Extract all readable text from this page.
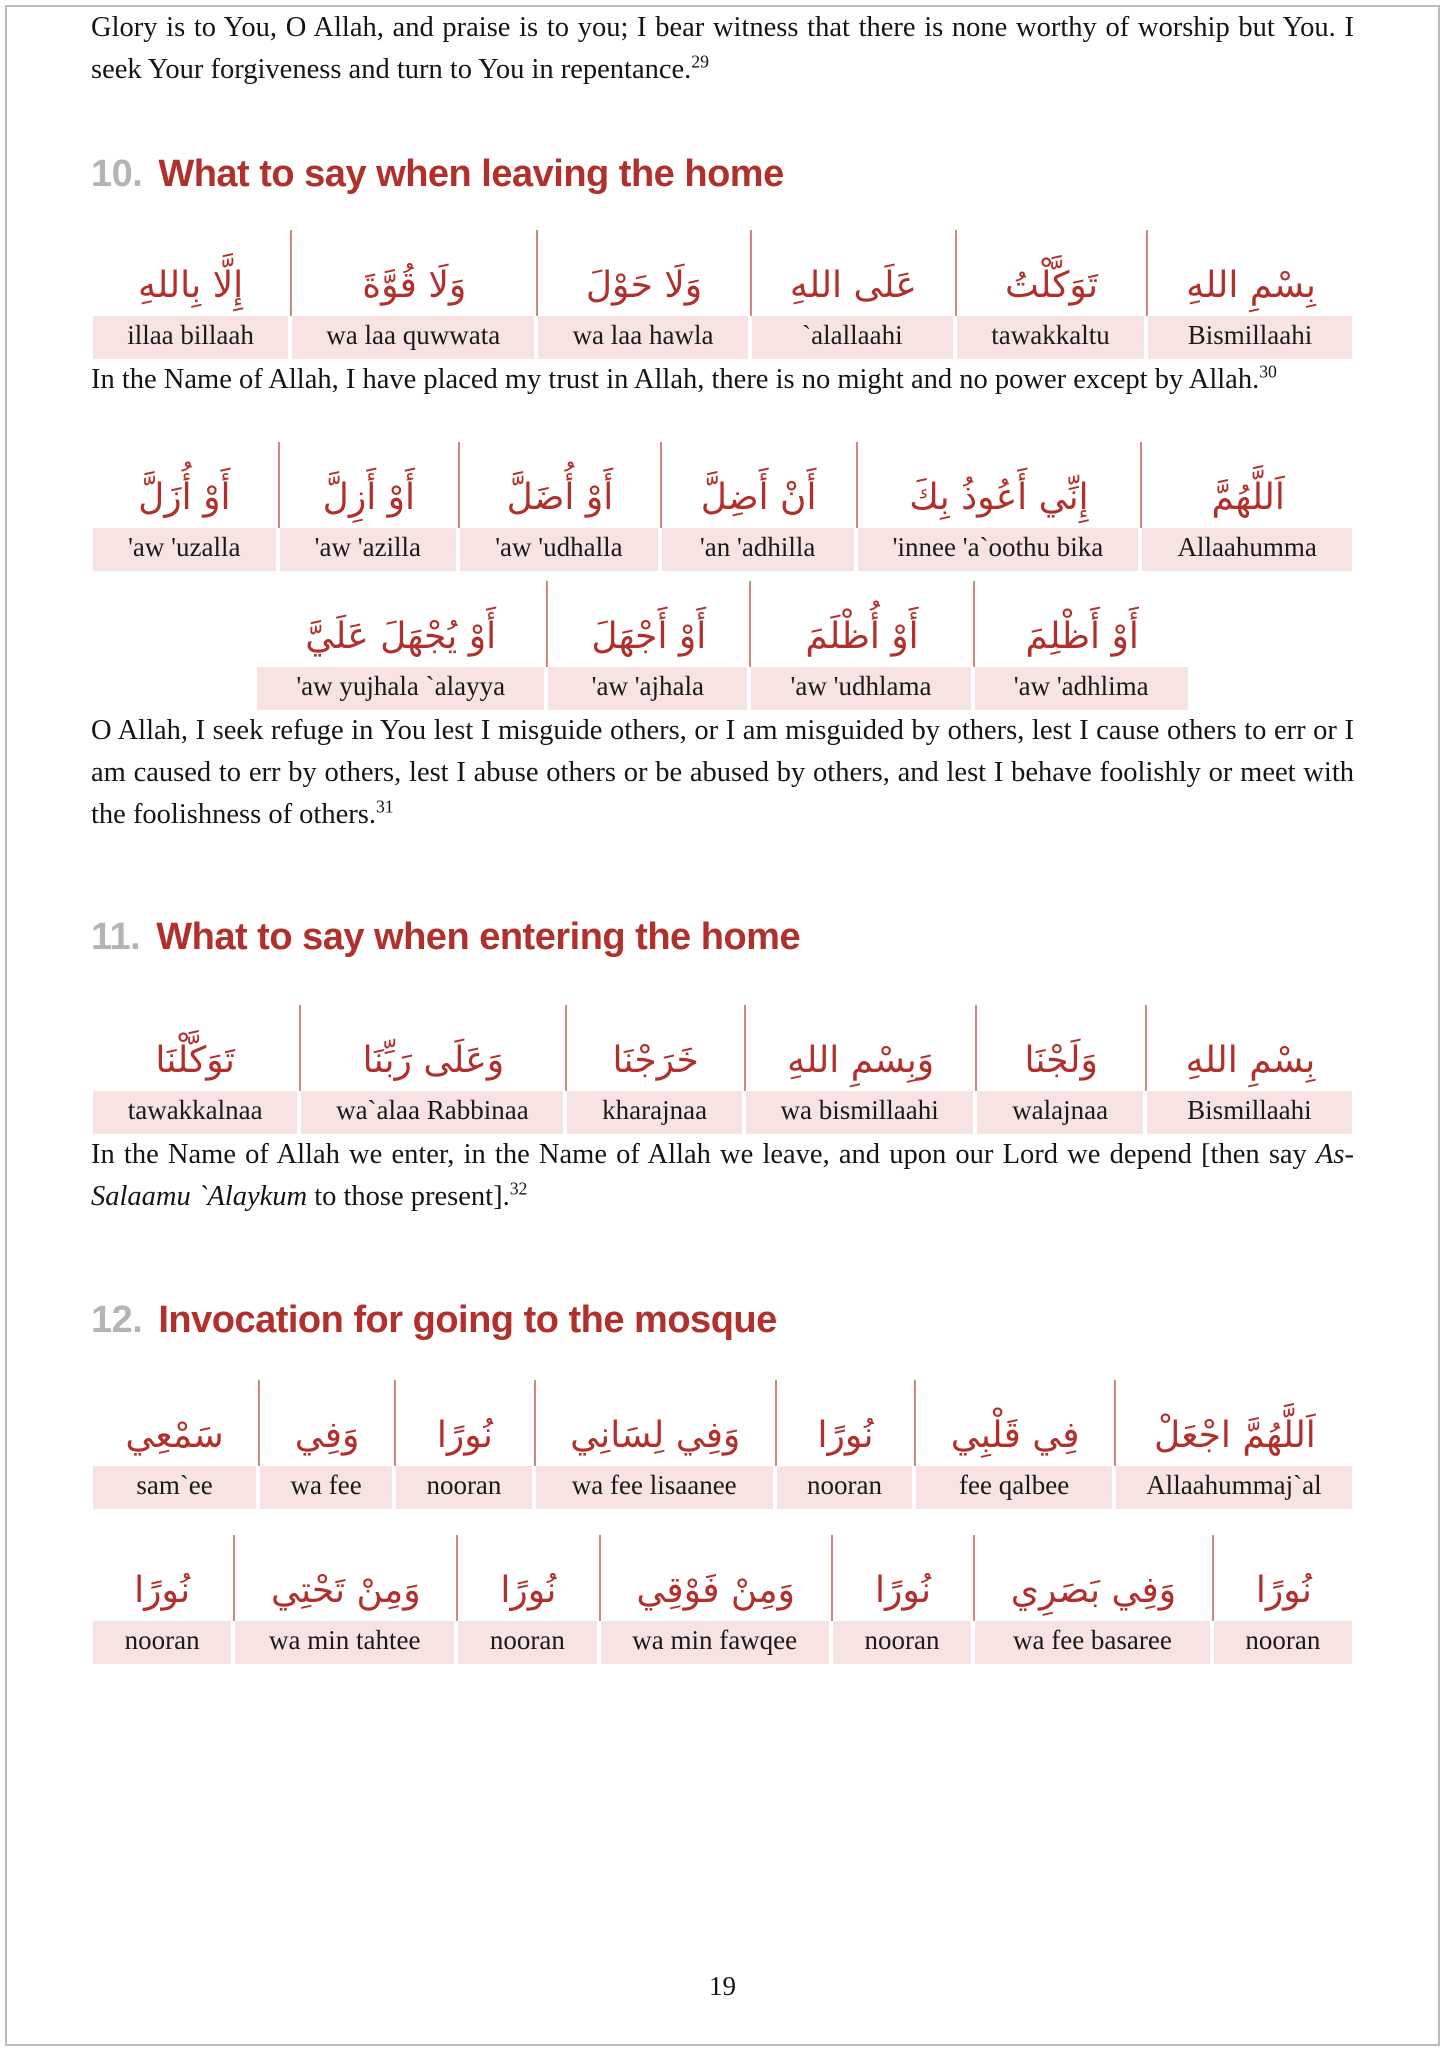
Glory is to You, O Allah, and praise is to you; I bear witness that there is none worthy of worship but You. I seek Your forgiveness and turn to You in repentance.$^{29}$

10. What to say when leaving the home
إِلَّا بِاللهِ
illaa billaah
وَلَا قُوَّةَ
wa laa quwwata
وَلَا حَوْلَ
wa laa hawla
عَلَى اللهِ
`alallaahi
تَوَكَّلْتُ
tawakkaltu
بِسْمِ اللهِ
Bismillaahi

In the Name of Allah, I have placed my trust in Allah, there is no might and no power except by Allah.$^{30}$

أَوْ أُزَلَّ
'aw 'uzalla
أَوْ أَزِلَّ
'aw 'azilla
أَوْ أُضَلَّ
'aw 'udhalla
أَنْ أَضِلَّ
'an 'adhilla
إِنِّي أَعُوذُ بِكَ
'innee 'a`oothu bika
اَللَّهُمَّ
Allaahumma
أَوْ يُجْهَلَ عَلَيَّ
'aw yujhala `alayya
أَوْ أَجْهَلَ
'aw 'ajhala
أَوْ أُظْلَمَ
'aw 'udhlama
أَوْ أَظْلِمَ
'aw 'adhlima

O Allah, I seek refuge in You lest I misguide others, or I am misguided by others, lest I cause others to err or I am caused to err by others, lest I abuse others or be abused by others, and lest I behave foolishly or meet with the foolishness of others.$^{31}$

11. What to say when entering the home
تَوَكَّلْنَا
tawakkalnaa
وَعَلَى رَبِّنَا
wa`alaa Rabbinaa
خَرَجْنَا
kharajnaa
وَبِسْمِ اللهِ
wa bismillaahi
وَلَجْنَا
walajnaa
بِسْمِ اللهِ
Bismillaahi

In the Name of Allah we enter, in the Name of Allah we leave, and upon our Lord we depend [then say As-Salaamu `Alaykum to those present].$^{32}$

12. Invocation for going to the mosque
سَمْعِي
sam`ee
وَفِي
wa fee
نُورًا
nooran
وَفِي لِسَانِي
wa fee lisaanee
نُورًا
nooran
فِي قَلْبِي
fee qalbee
اَللَّهُمَّ اجْعَلْ
Allaahummaj`al
نُورًا
nooran
وَمِنْ تَحْتِي
wa min tahtee
نُورًا
nooran
وَمِنْ فَوْقِي
wa min fawqee
نُورًا
nooran
وَفِي بَصَرِي
wa fee basaree
نُورًا
nooran
19
